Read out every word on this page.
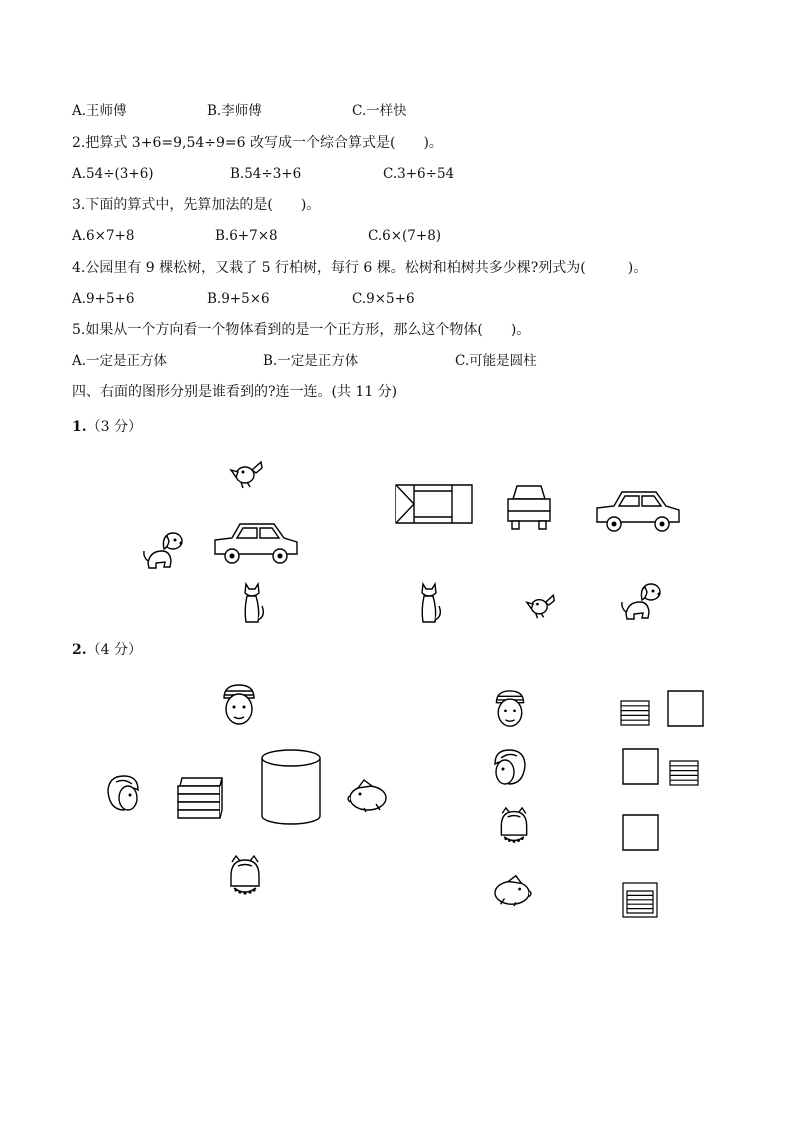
A.王师傅	B.李师傅	C.一样快
2.把算式 3+6=9,54÷9=6 改写成一个综合算式是(　　)。
A.54÷(3+6)	B.54÷3+6	C.3+6÷54
3.下面的算式中，先算加法的是(　　)。
A.6×7+8	B.6+7×8	C.6×(7+8)
4.公园里有 9 棵松树，又栽了 5 行柏树，每行 6 棵。松树和柏树共多少棵?列式为(　　　)。
A.9+5+6	B.9+5×6	C.9×5+6
5.如果从一个方向看一个物体看到的是一个正方形，那么这个物体(　　)。
A.一定是正方体	B.一定是正方体	C.可能是圆柱
四、右面的图形分别是谁看到的?连一连。(共 11 分)
1.（3 分）
2.（4 分）
